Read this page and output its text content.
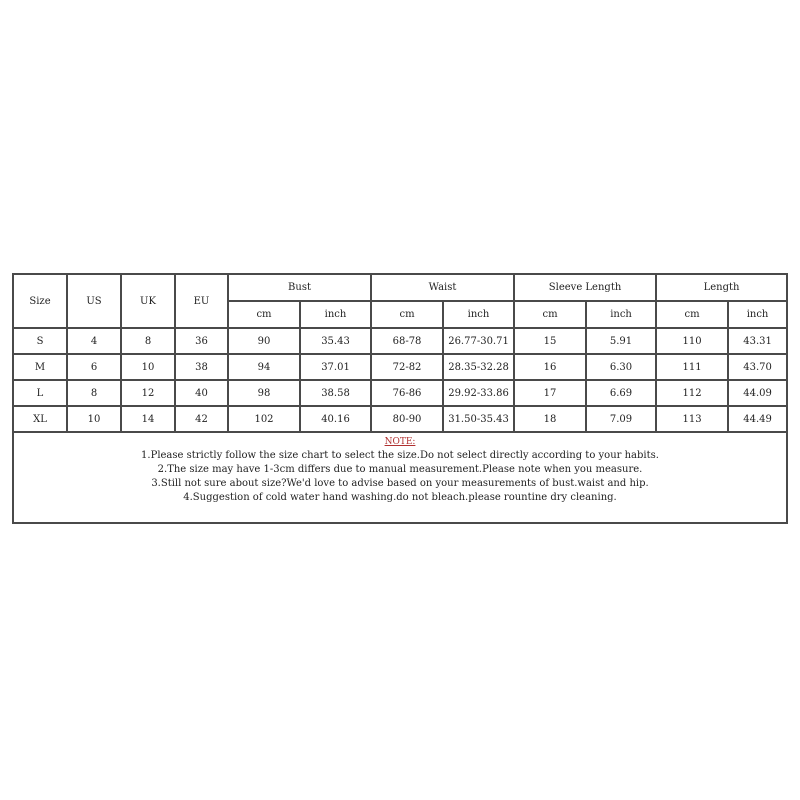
Size	US	UK	EU	Bust		Waist		Sleeve Length		Length	
				cm	inch	cm	inch	cm	inch	cm	inch
S	4	8	36	90	35.43	68-78	26.77-30.71	15	5.91	110	43.31
M	6	10	38	94	37.01	72-82	28.35-32.28	16	6.30	111	43.70
L	8	12	40	98	38.58	76-86	29.92-33.86	17	6.69	112	44.09
XL	10	14	42	102	40.16	80-90	31.50-35.43	18	7.09	113	44.49
NOTE:
1.Please strictly follow the size chart to select the size.Do not select directly according to your habits.
2.The size may have 1-3cm differs due to manual measurement.Please note when you measure.
3.Still not sure about size?We'd love to advise based on your measurements of bust.waist and hip.
4.Suggestion of cold water hand washing.do not bleach.please rountine dry cleaning.
